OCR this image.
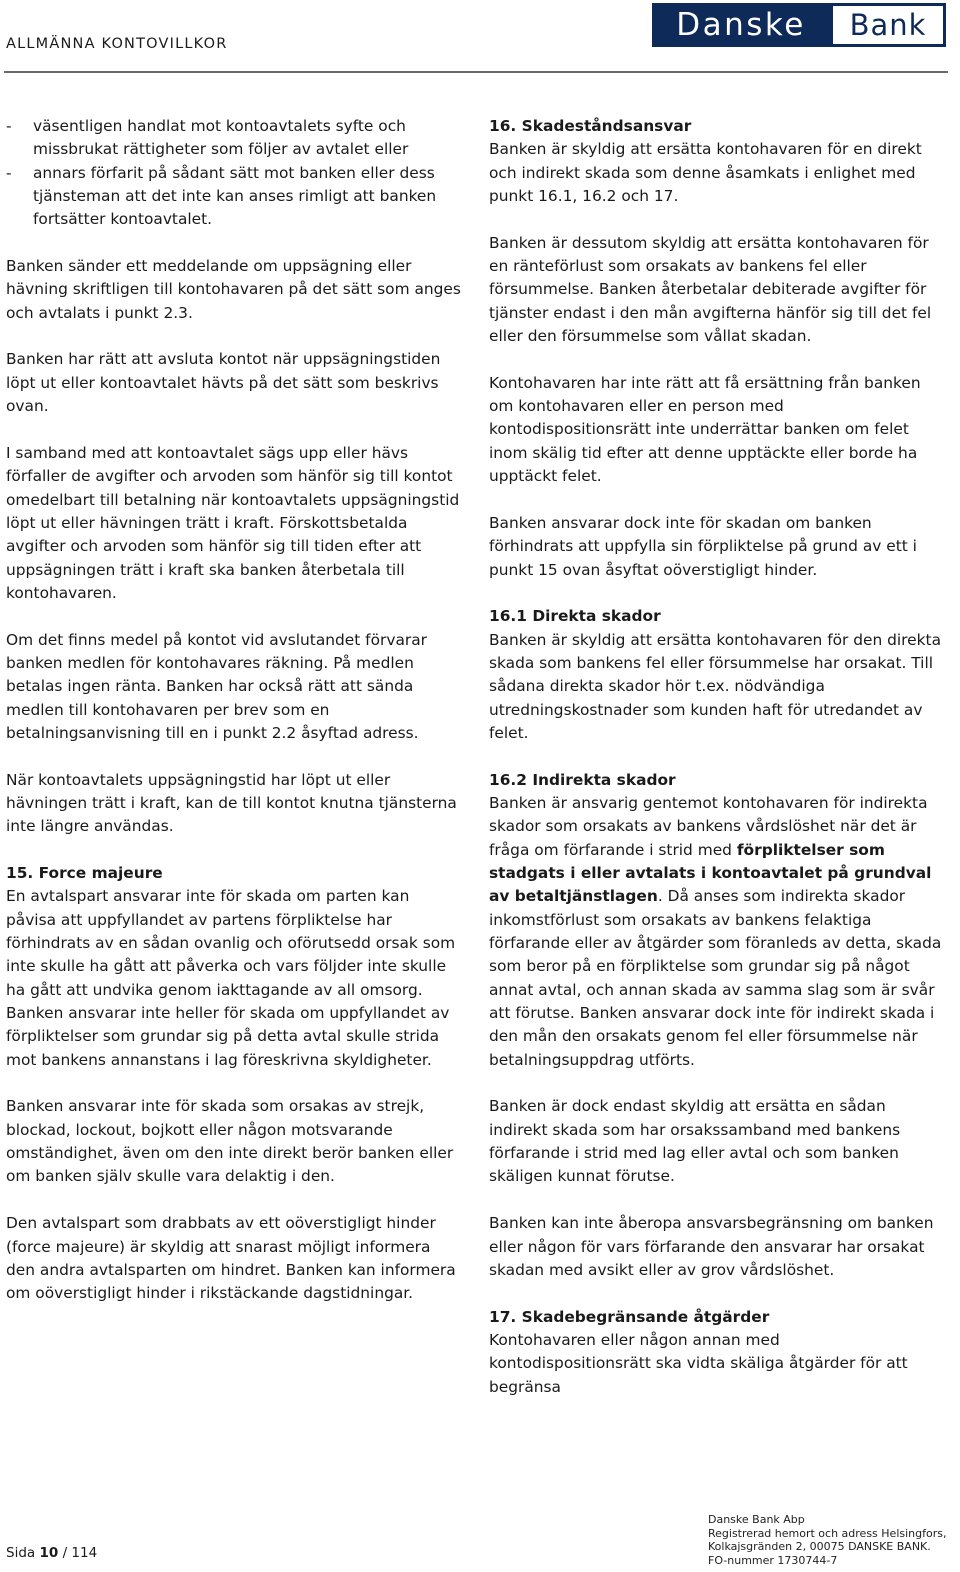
ALLMÄNNA KONTOVILLKOR
Danske	Bank
- väsentligen handlat mot kontoavtalets syfte och missbrukat rättigheter som följer av avtalet eller

- annars förfarit på sådant sätt mot banken eller dess tjänsteman att det inte kan anses rimligt att banken fortsätter kontoavtalet.

Banken sänder ett meddelande om uppsägning eller hävning skriftligen till kontohavaren på det sätt som anges och avtalats i punkt 2.3.

Banken har rätt att avsluta kontot när uppsägningstiden löpt ut eller kontoavtalet hävts på det sätt som beskrivs ovan.

I samband med att kontoavtalet sägs upp eller hävs förfaller de avgifter och arvoden som hänför sig till kontot omedelbart till betalning när kontoavtalets uppsägningstid löpt ut eller hävningen trätt i kraft. Förskottsbetalda avgifter och arvoden som hänför sig till tiden efter att uppsägningen trätt i kraft ska banken återbetala till kontohavaren.

Om det finns medel på kontot vid avslutandet förvarar banken medlen för kontohavares räkning. På medlen betalas ingen ränta. Banken har också rätt att sända medlen till kontohavaren per brev som en betalningsanvisning till en i punkt 2.2 åsyftad adress.

När kontoavtalets uppsägningstid har löpt ut eller hävningen trätt i kraft, kan de till kontot knutna tjänsterna inte längre användas.

15. Force majeure
En avtalspart ansvarar inte för skada om parten kan påvisa att uppfyllandet av partens förpliktelse har förhindrats av en sådan ovanlig och oförutsedd orsak som inte skulle ha gått att påverka och vars följder inte skulle ha gått att undvika genom iakttagande av all omsorg. Banken ansvarar inte heller för skada om uppfyllandet av förpliktelser som grundar sig på detta avtal skulle strida mot bankens annanstans i lag föreskrivna skyldigheter.

Banken ansvarar inte för skada som orsakas av strejk, blockad, lockout, bojkott eller någon motsvarande omständighet, även om den inte direkt berör banken eller om banken själv skulle vara delaktig i den.

Den avtalspart som drabbats av ett oöverstigligt hinder (force majeure) är skyldig att snarast möjligt informera den andra avtalsparten om hindret. Banken kan informera om oöverstigligt hinder i rikstäckande dagstidningar.

16. Skadeståndsansvar
Banken är skyldig att ersätta kontohavaren för en direkt och indirekt skada som denne åsamkats i enlighet med punkt 16.1, 16.2 och 17.

Banken är dessutom skyldig att ersätta kontohavaren för en ränteförlust som orsakats av bankens fel eller försummelse. Banken återbetalar debiterade avgifter för tjänster endast i den mån avgifterna hänför sig till det fel eller den försummelse som vållat skadan.

Kontohavaren har inte rätt att få ersättning från banken om kontohavaren eller en person med kontodispositionsrätt inte underrättar banken om felet inom skälig tid efter att denne upptäckte eller borde ha upptäckt felet.

Banken ansvarar dock inte för skadan om banken förhindrats att uppfylla sin förpliktelse på grund av ett i punkt 15 ovan åsyftat oöverstigligt hinder.

16.1 Direkta skador
Banken är skyldig att ersätta kontohavaren för den direkta skada som bankens fel eller försummelse har orsakat. Till sådana direkta skador hör t.ex. nödvändiga utredningskostnader som kunden haft för utredandet av felet.

16.2 Indirekta skador
Banken är ansvarig gentemot kontohavaren för indirekta skador som orsakats av bankens vårdslöshet när det är fråga om förfarande i strid med förpliktelser som stadgats i eller avtalats i kontoavtalet på grundval av betaltjänstlagen. Då anses som indirekta skador inkomstförlust som orsakats av bankens felaktiga förfarande eller av åtgärder som föranleds av detta, skada som beror på en förpliktelse som grundar sig på något annat avtal, och annan skada av samma slag som är svår att förutse. Banken ansvarar dock inte för indirekt skada i den mån den orsakats genom fel eller försummelse när betalningsuppdrag utförts.

Banken är dock endast skyldig att ersätta en sådan indirekt skada som har orsakssamband med bankens förfarande i strid med lag eller avtal och som banken skäligen kunnat förutse.

Banken kan inte åberopa ansvarsbegränsning om banken eller någon för vars förfarande den ansvarar har orsakat skadan med avsikt eller av grov vårdslöshet.

17. Skadebegränsande åtgärder
Kontohavaren eller någon annan med kontodispositionsrätt ska vidta skäliga åtgärder för att begränsa

Sida 10 / 114
Danske Bank Abp
Registrerad hemort och adress Helsingfors,
Kolkajsgränden 2, 00075 DANSKE BANK.
FO-nummer 1730744-7
